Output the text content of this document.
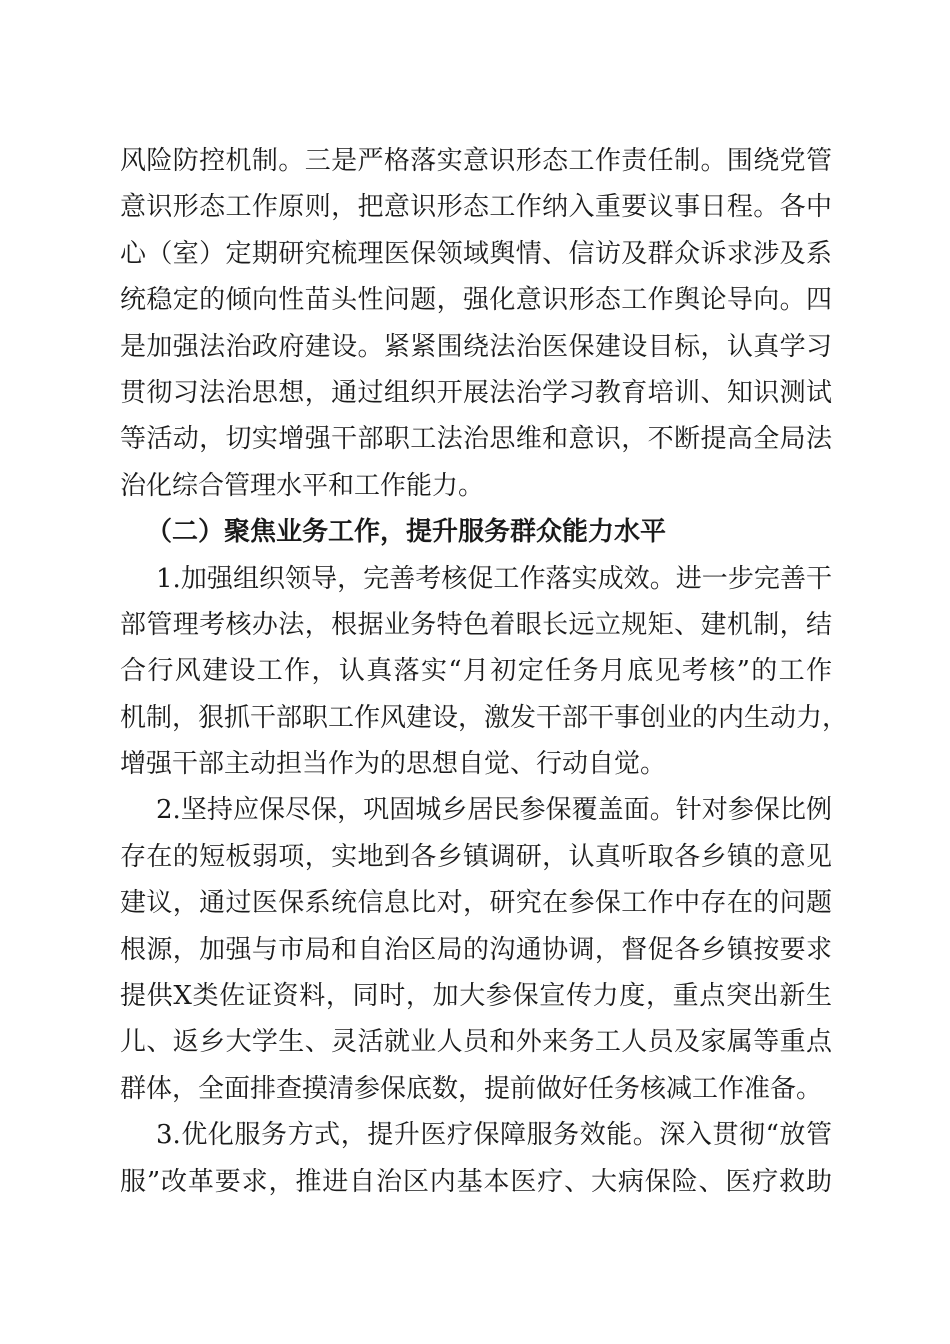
风险防控机制。三是严格落实意识形态工作责任制。围绕党管
意识形态工作原则，把意识形态工作纳入重要议事日程。各中
心（室）定期研究梳理医保领域舆情、信访及群众诉求涉及系
统稳定的倾向性苗头性问题，强化意识形态工作舆论导向。四
是加强法治政府建设。紧紧围绕法治医保建设目标，认真学习
贯彻习法治思想，通过组织开展法治学习教育培训、知识测试
等活动，切实增强干部职工法治思维和意识，不断提高全局法
治化综合管理水平和工作能力。
（二）聚焦业务工作，提升服务群众能力水平
1.加强组织领导，完善考核促工作落实成效。进一步完善干
部管理考核办法，根据业务特色着眼长远立规矩、建机制，结
合行风建设工作，认真落实“月初定任务月底见考核”的工作
机制，狠抓干部职工作风建设，激发干部干事创业的内生动力，
增强干部主动担当作为的思想自觉、行动自觉。
2.坚持应保尽保，巩固城乡居民参保覆盖面。针对参保比例
存在的短板弱项，实地到各乡镇调研，认真听取各乡镇的意见
建议，通过医保系统信息比对，研究在参保工作中存在的问题
根源，加强与市局和自治区局的沟通协调，督促各乡镇按要求
提供X类佐证资料，同时，加大参保宣传力度，重点突出新生
儿、返乡大学生、灵活就业人员和外来务工人员及家属等重点
群体，全面排查摸清参保底数，提前做好任务核减工作准备。
3.优化服务方式，提升医疗保障服务效能。深入贯彻“放管
服”改革要求，推进自治区内基本医疗、大病保险、医疗救助
